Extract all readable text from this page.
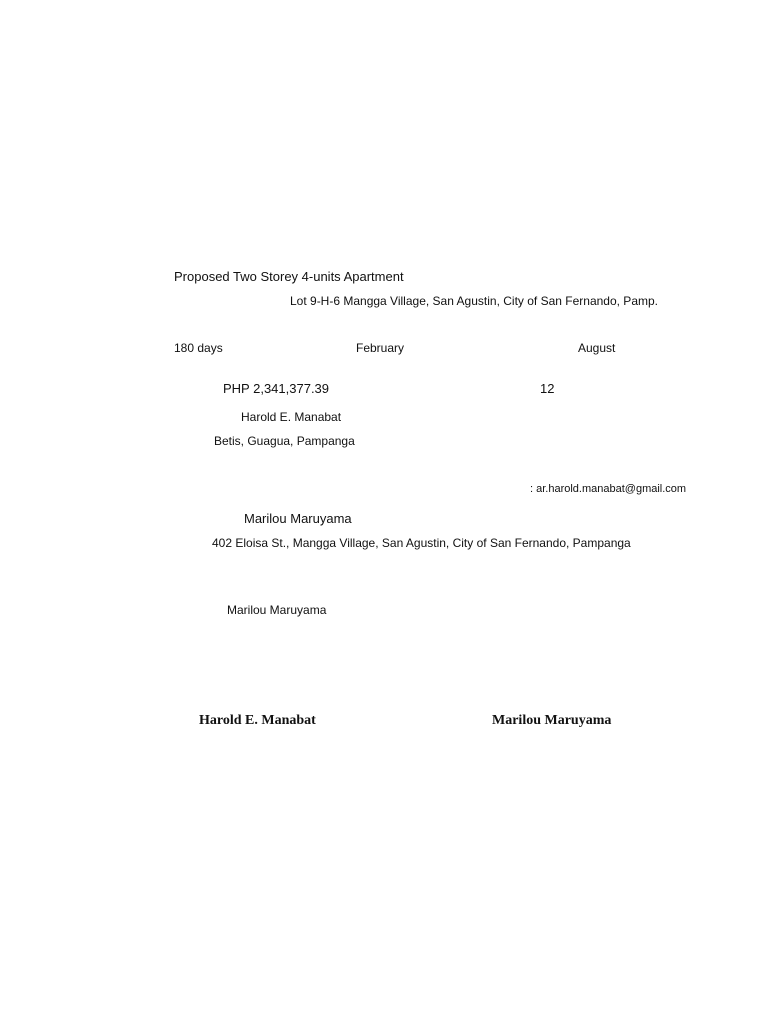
Proposed Two Storey 4-units Apartment
Lot 9-H-6 Mangga Village, San Agustin, City of San Fernando, Pamp.
180 days	February	August
PHP 2,341,377.39	12
Harold E. Manabat
Betis, Guagua, Pampanga
: ar.harold.manabat@gmail.com
Marilou Maruyama
402 Eloisa St., Mangga Village, San Agustin, City of San Fernando, Pampanga
Marilou Maruyama
Harold E. Manabat	Marilou Maruyama
